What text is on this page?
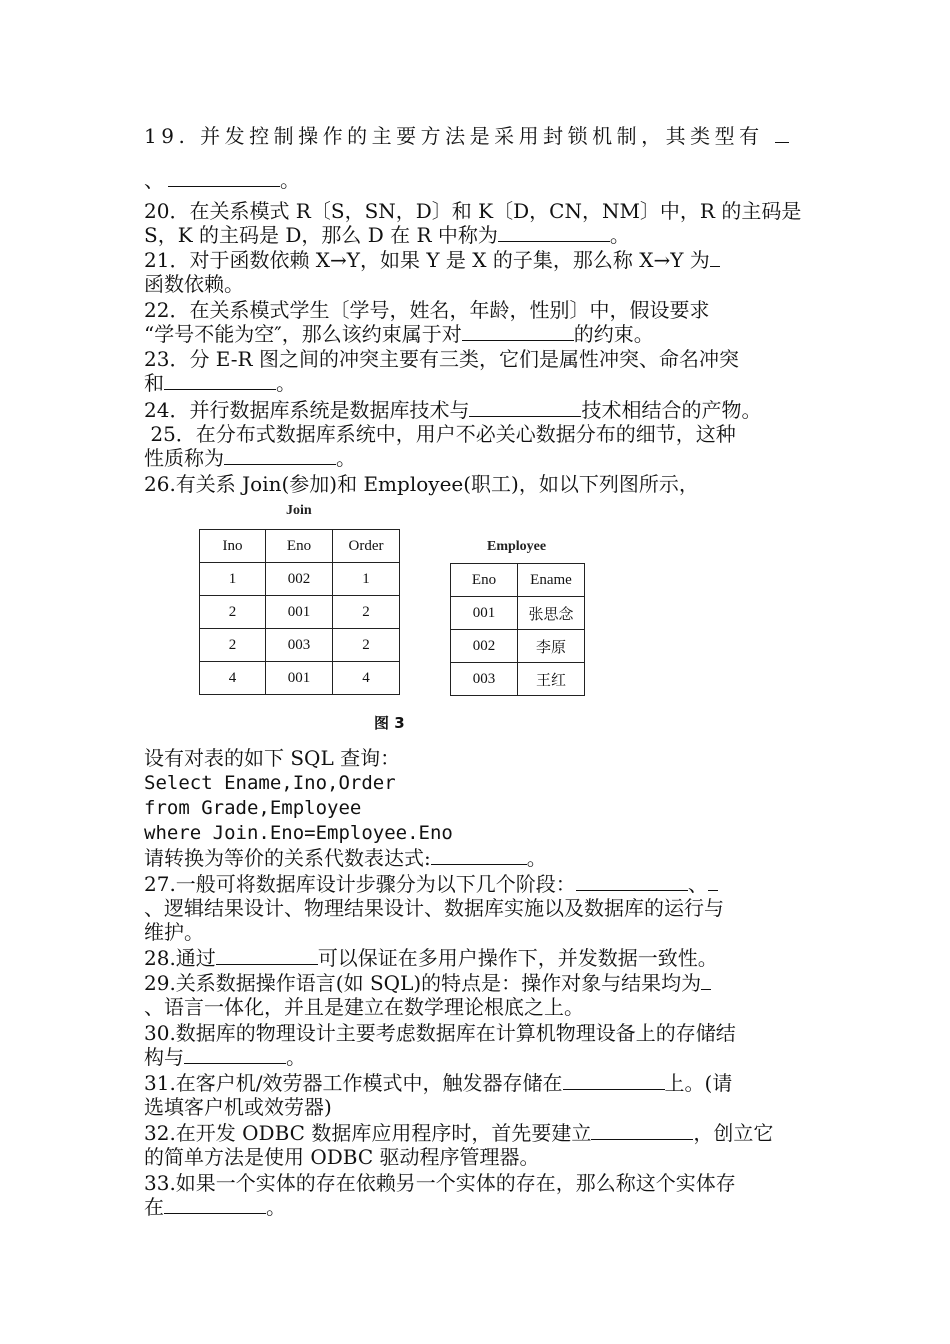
19. 并发控制操作的主要方法是采用封锁机制，其类型有
、	。
20．在关系模式 R〔S，SN，D〕和 K〔D，CN，NM〕中，R 的主码是
S，K 的主码是 D，那么 D 在 R 中称为	。
21．对于函数依赖 X→Y，如果 Y 是 X 的子集，那么称 X→Y 为
函数依赖。
22．在关系模式学生〔学号，姓名，年龄，性别〕中，假设要求
“学号不能为空″，那么该约束属于对	的约束。
23．分 E-R 图之间的冲突主要有三类，它们是属性冲突、命名冲突
和	。
24．并行数据库系统是数据库技术与	技术相结合的产物。
25．在分布式数据库系统中，用户不必关心数据分布的细节，这种
性质称为	。
26.有关系 Join(参加)和 Employee(职工)，如以下列图所示，
Join
Ino	Eno	Order
1	002	1
2	001	2
2	003	2
4	001	4
Employee
Eno	Ename
001	张思念
002	李原
003	王红
图 3
设有对表的如下 SQL 查询：
Select Ename,Ino,Order
from Grade,Employee
where Join.Eno=Employee.Eno
请转换为等价的关系代数表达式:	。
27.一般可将数据库设计步骤分为以下几个阶段：	、
、逻辑结果设计、物理结果设计、数据库实施以及数据库的运行与
维护。
28.通过	可以保证在多用户操作下，并发数据一致性。
29.关系数据操作语言(如 SQL)的特点是：操作对象与结果均为
、语言一体化，并且是建立在数学理论根底之上。
30.数据库的物理设计主要考虑数据库在计算机物理设备上的存储结
构与	。
31.在客户机/效劳器工作模式中，触发器存储在	上。(请
选填客户机或效劳器)
32.在开发 ODBC 数据库应用程序时，首先要建立	，创立它
的简单方法是使用 ODBC 驱动程序管理器。
33.如果一个实体的存在依赖另一个实体的存在，那么称这个实体存
在	。
